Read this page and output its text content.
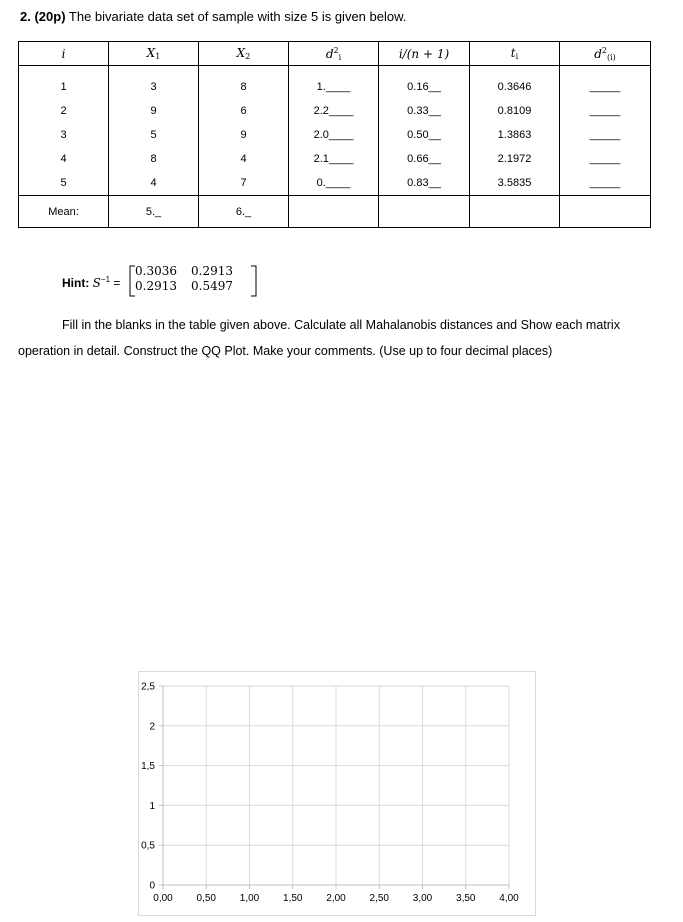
2. (20p) The bivariate data set of sample with size 5 is given below.
i	$X_1$	$X_2$	$d^2_i$	i/(n + 1)	$t_i$	$d^2_{(i)}$

1	3	8	1.____	0.16__	0.3646	_____
2	9	6	2.2____	0.33__	0.8109	_____
3	5	9	2.0____	0.50__	1.3863	_____
4	8	4	2.1____	0.66__	2.1972	_____
5	4	7	0.____	0.83__	3.5835	_____
Mean:	5._	6._				
Hint: $S^{-1}$ =
0.3036 0.2913
0.2913 0.5497
Fill in the blanks in the table given above. Calculate all Mahalanobis distances and Show each matrix
operation in detail. Construct the QQ Plot. Make your comments. (Use up to four decimal places)
0
0,5
1
1,5
2
2,5
0,00 0,50 1,00 1,50 2,00 2,50 3,00 3,50 4,00
